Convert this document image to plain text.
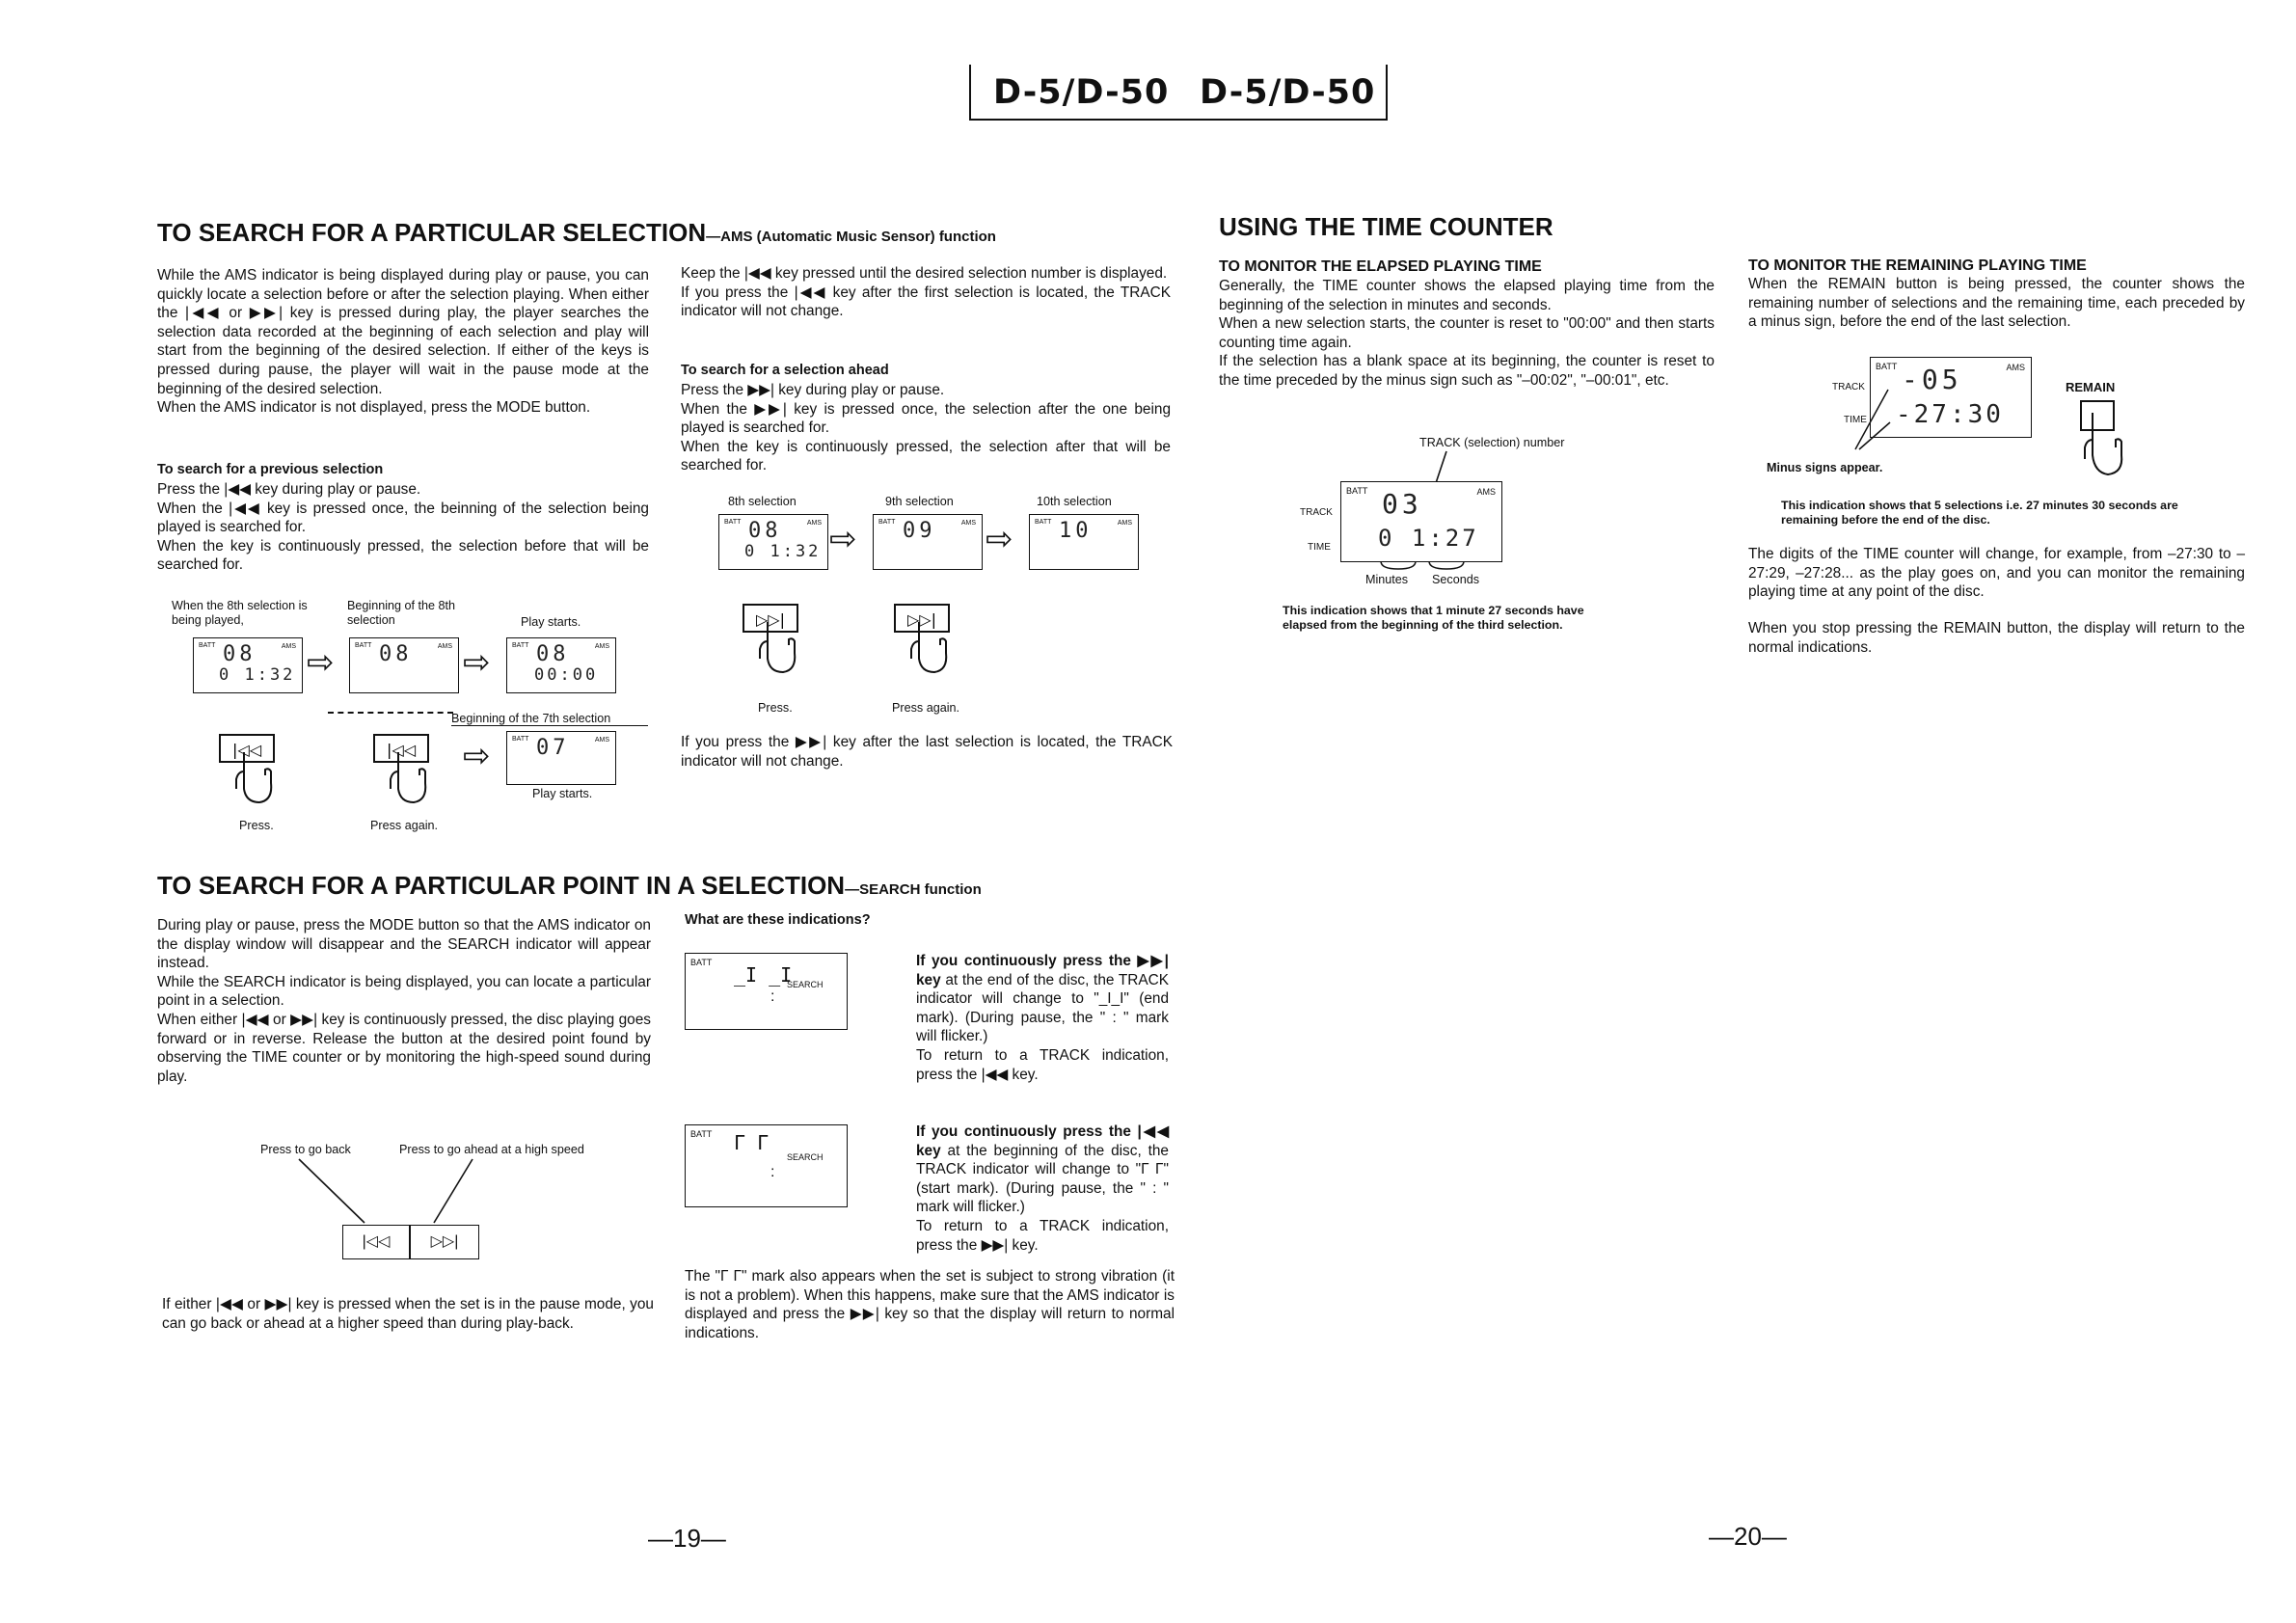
D-5/D-50 D-5/D-50
TO SEARCH FOR A PARTICULAR SELECTION—AMS (Automatic Music Sensor) function
While the AMS indicator is being displayed during play or pause, you can quickly locate a selection before or after the selection playing. When either the |◀◀ or ▶▶| key is pressed during play, the player searches the selection data recorded at the beginning of each selection and play will start from the beginning of the desired selection. If either of the keys is pressed during pause, the player will wait in the pause mode at the beginning of the desired selection.
When the AMS indicator is not displayed, press the MODE button.
To search for a previous selection
Press the |◀◀ key during play or pause.
When the |◀◀ key is pressed once, the beinning of the selection being played is searched for.
When the key is continuously pressed, the selection before that will be searched for.
When the 8th selection is being played,
Beginning of the 8th selection	Play starts.
BATT	AMS
08
0 1:32 ⇨	BATT	AMS
08 ⇨	BATT	AMS
08
00:00
Beginning of the 7th selection
⇨	BATT	AMS
07
Play starts.
|◁◁
Press.
|◁◁
Press again.
Keep the |◀◀ key pressed until the desired selection number is displayed.
If you press the |◀◀ key after the first selection is located, the TRACK indicator will not change.
To search for a selection ahead
Press the ▶▶| key during play or pause.
When the ▶▶| key is pressed once, the selection after the one being played is searched for.
When the key is continuously pressed, the selection after that will be searched for.
8th selection	9th selection	10th selection
BATT	AMS
08
0 1:32 ⇨	BATT	AMS
09 ⇨	BATT	AMS
10
▷▷|
Press.
▷▷|
Press again.
If you press the ▶▶| key after the last selection is located, the TRACK indicator will not change.
TO SEARCH FOR A PARTICULAR POINT IN A SELECTION—SEARCH function
During play or pause, press the MODE button so that the AMS indicator on the display window will disappear and the SEARCH indicator will appear instead.
While the SEARCH indicator is being displayed, you can locate a particular point in a selection.
When either |◀◀ or ▶▶| key is continuously pressed, the disc playing goes forward or in reverse. Release the button at the desired point found by observing the TIME counter or by monitoring the high-speed sound during play.
Press to go back	Press to go ahead at a high speed
|◁◁	▷▷|
If either |◀◀ or ▶▶| key is pressed when the set is in the pause mode, you can go back or ahead at a higher speed than during play-back.
What are these indications?
BATT
_I _I
SEARCH
:
If you continuously press the ▶▶| key at the end of the disc, the TRACK indicator will change to "_I_I" (end mark). (During pause, the " : " mark will flicker.)
To return to a TRACK indication, press the |◀◀ key.
BATT Γ Γ
SEARCH
:
If you continuously press the |◀◀ key at the beginning of the disc, the TRACK indicator will change to "Γ Γ" (start mark). (During pause, the " : " mark will flicker.)
To return to a TRACK indication, press the ▶▶| key.
The "Γ Γ" mark also appears when the set is subject to strong vibration (it is not a problem). When this happens, make sure that the AMS indicator is displayed and press the ▶▶| key so that the display will return to normal indications.
USING THE TIME COUNTER
TO MONITOR THE ELAPSED PLAYING TIME
Generally, the TIME counter shows the elapsed playing time from the beginning of the selection in minutes and seconds.
When a new selection starts, the counter is reset to "00:00" and then starts counting time again.
If the selection has a blank space at its beginning, the counter is reset to the time preceded by the minus sign such as "–00:02", "–00:01", etc.
TRACK (selection) number
TRACK
TIME
BATT	AMS
03
0 1:27
Minutes Seconds
This indication shows that 1 minute 27 seconds have elapsed from the beginning of the third selection.
TO MONITOR THE REMAINING PLAYING TIME
When the REMAIN button is being pressed, the counter shows the remaining number of selections and the remaining time, each preceded by a minus sign, before the end of the last selection.
TRACK
TIME
BATT	AMS
-05
-27:30
Minus signs appear.
REMAIN
This indication shows that 5 selections i.e. 27 minutes 30 seconds are remaining before the end of the disc.
The digits of the TIME counter will change, for example, from –27:30 to –27:29, –27:28... as the play goes on, and you can monitor the remaining playing time at any point of the disc.
When you stop pressing the REMAIN button, the display will return to the normal indications.
—19—	—20—
